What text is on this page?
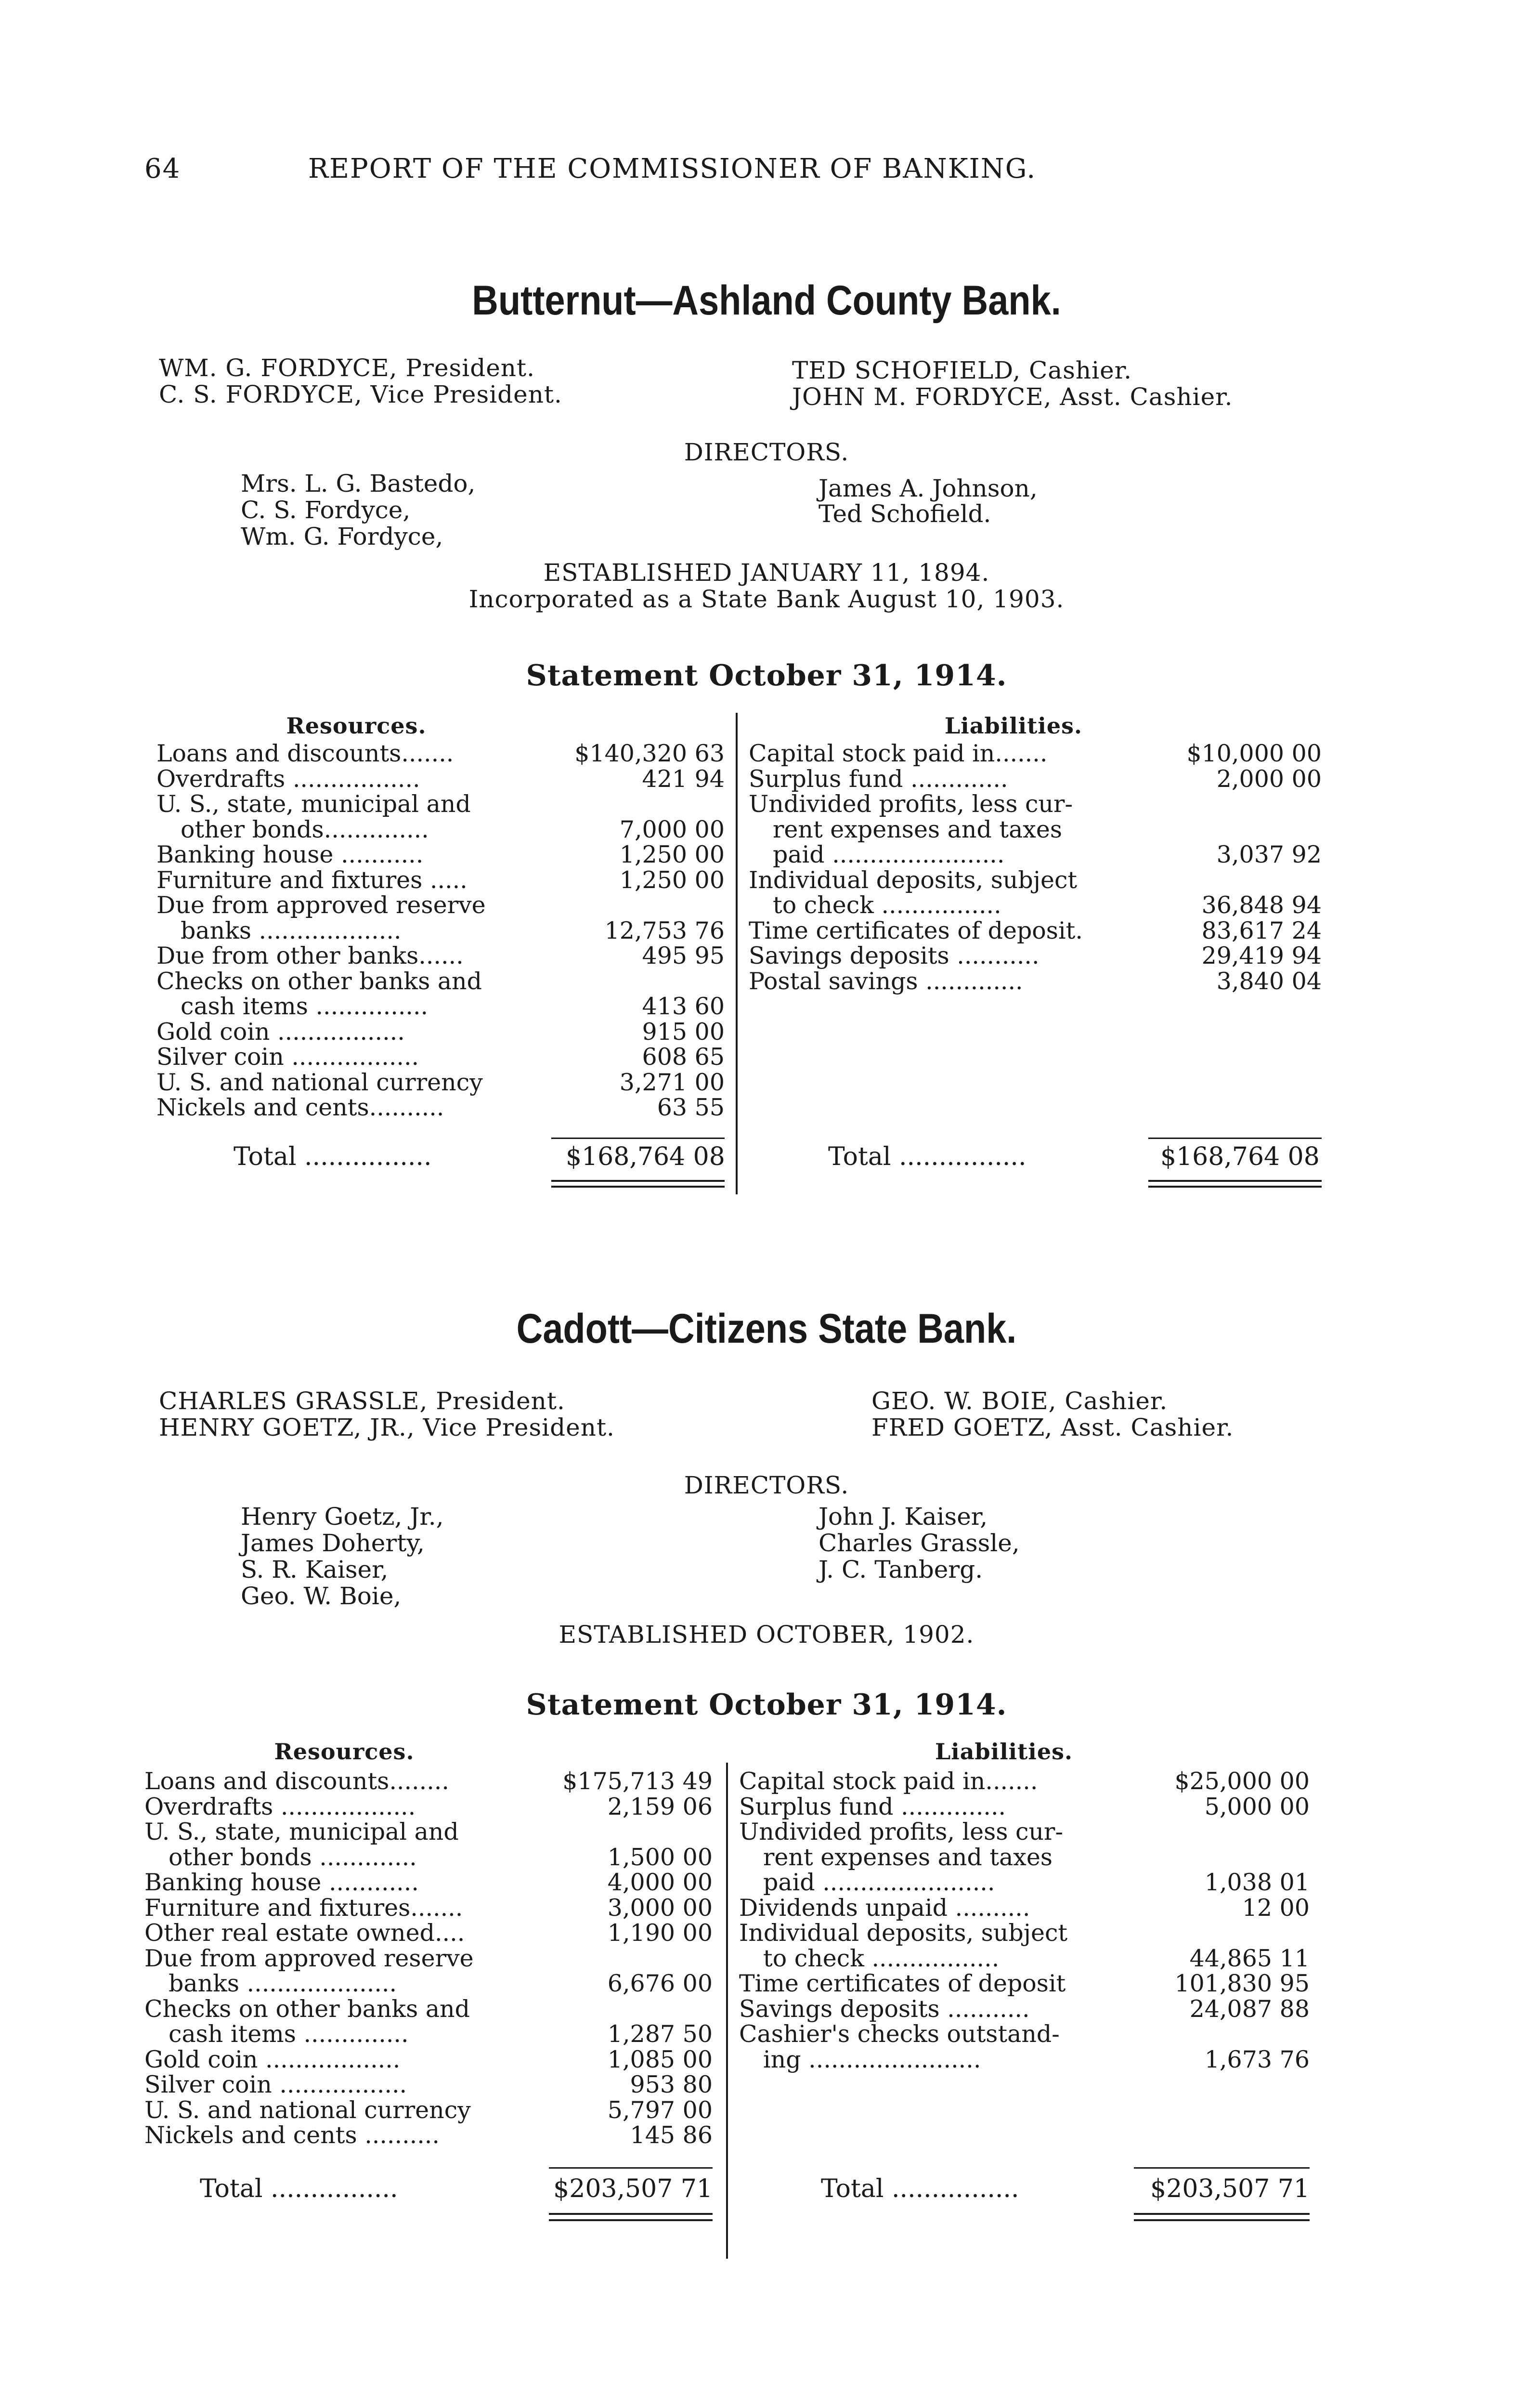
64	REPORT OF THE COMMISSIONER OF BANKING.
Butternut—Ashland County Bank.
WM. G. FORDYCE, President.
C. S. FORDYCE, Vice President.
TED SCHOFIELD, Cashier.
JOHN M. FORDYCE, Asst. Cashier.
DIRECTORS.
Mrs. L. G. Bastedo,
C. S. Fordyce,
Wm. G. Fordyce,
James A. Johnson,
Ted Schofield.
ESTABLISHED JANUARY 11, 1894.
Incorporated as a State Bank August 10, 1903.
Statement October 31, 1914.
Resources.	Liabilities.
Loans and discounts.......	$140,320 63
Overdrafts .................	421 94
U. S., state, municipal and
other bonds..............	7,000 00
Banking house ...........	1,250 00
Furniture and fixtures .....	1,250 00
Due from approved reserve
banks ...................	12,753 76
Due from other banks......	495 95
Checks on other banks and
cash items ...............	413 60
Gold coin .................	915 00
Silver coin .................	608 65
U. S. and national currency	3,271 00
Nickels and cents..........	63 55
Capital stock paid in.......	$10,000 00
Surplus fund .............	2,000 00
Undivided profits, less cur-
rent expenses and taxes
paid .......................	3,037 92
Individual deposits, subject
to check ................	36,848 94
Time certificates of deposit.	83,617 24
Savings deposits ...........	29,419 94
Postal savings .............	3,840 04
Total ................	$168,764 08	Total ................	$168,764 08
Cadott—Citizens State Bank.
CHARLES GRASSLE, President.
HENRY GOETZ, JR., Vice President.
GEO. W. BOIE, Cashier.
FRED GOETZ, Asst. Cashier.
DIRECTORS.
Henry Goetz, Jr.,
James Doherty,
S. R. Kaiser,
Geo. W. Boie,
John J. Kaiser,
Charles Grassle,
J. C. Tanberg.
ESTABLISHED OCTOBER, 1902.
Statement October 31, 1914.
Resources.	Liabilities.
Loans and discounts........	$175,713 49
Overdrafts ..................	2,159 06
U. S., state, municipal and
other bonds .............	1,500 00
Banking house ............	4,000 00
Furniture and fixtures.......	3,000 00
Other real estate owned....	1,190 00
Due from approved reserve
banks ....................	6,676 00
Checks on other banks and
cash items ..............	1,287 50
Gold coin ..................	1,085 00
Silver coin .................	953 80
U. S. and national currency	5,797 00
Nickels and cents ..........	145 86
Capital stock paid in.......	$25,000 00
Surplus fund ..............	5,000 00
Undivided profits, less cur-
rent expenses and taxes
paid .......................	1,038 01
Dividends unpaid ..........	12 00
Individual deposits, subject
to check .................	44,865 11
Time certificates of deposit	101,830 95
Savings deposits ...........	24,087 88
Cashier's checks outstand-
ing .......................	1,673 76
Total ................	$203,507 71	Total ................	$203,507 71
